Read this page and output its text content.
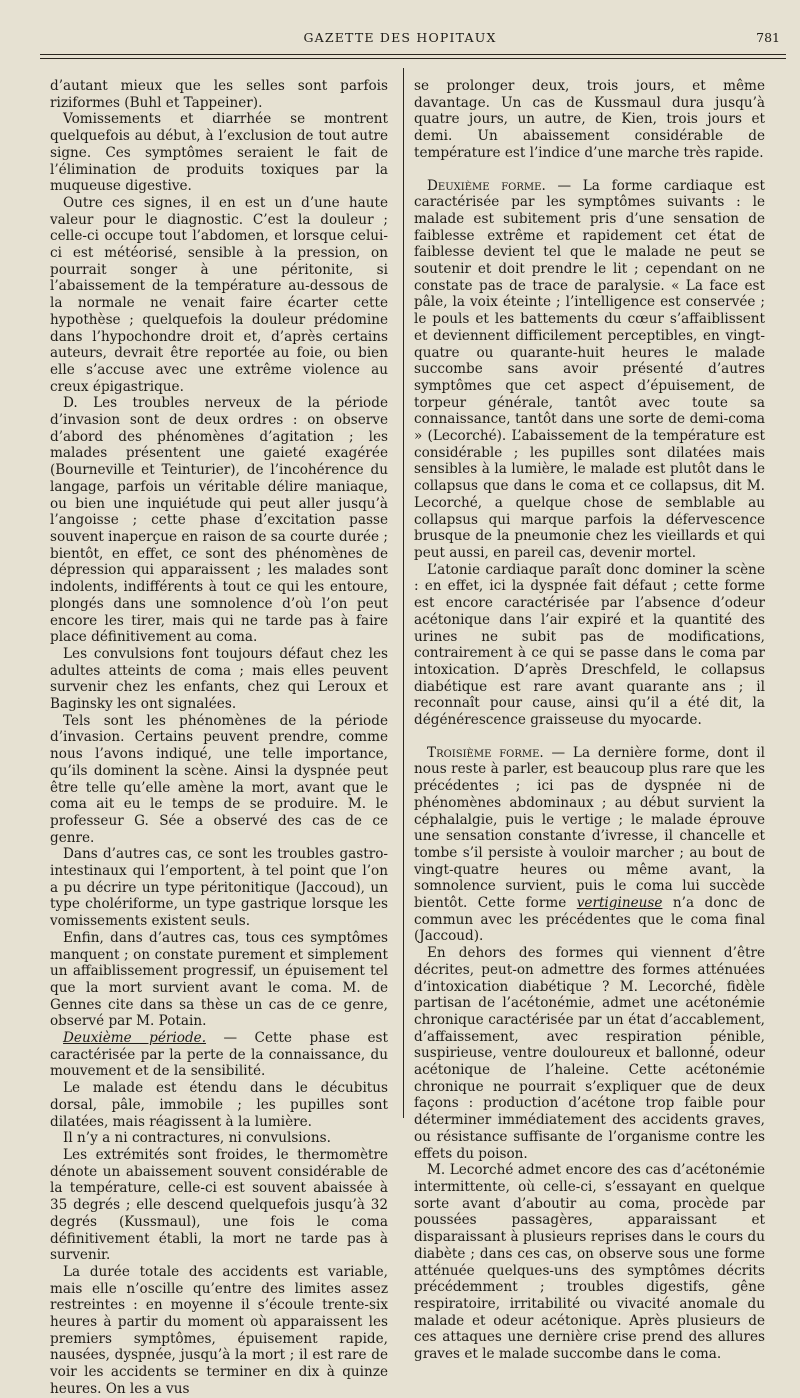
GAZETTE DES HOPITAUX	781

d’autant mieux que les selles sont parfois riziformes (Buhl et Tappeiner).

Vomissements et diarrhée se montrent quelquefois au début, à l’exclusion de tout autre signe. Ces symptômes seraient le fait de l’élimination de produits toxiques par la muqueuse digestive.

Outre ces signes, il en est un d’une haute valeur pour le diagnostic. C’est la douleur ; celle-ci occupe tout l’abdomen, et lorsque celui-ci est météorisé, sensible à la pression, on pourrait songer à une péritonite, si l’abaissement de la température au-dessous de la normale ne venait faire écarter cette hypothèse ; quelquefois la douleur prédomine dans l’hypochondre droit et, d’après certains auteurs, devrait être reportée au foie, ou bien elle s’accuse avec une extrême violence au creux épigastrique.

D. Les troubles nerveux de la période d’invasion sont de deux ordres : on observe d’abord des phénomènes d’agitation ; les malades présentent une gaieté exagérée (Bourneville et Teinturier), de l’incohérence du langage, parfois un véritable délire maniaque, ou bien une inquiétude qui peut aller jusqu’à l’angoisse ; cette phase d’excitation passe souvent inaperçue en raison de sa courte durée ; bientôt, en effet, ce sont des phénomènes de dépression qui apparaissent ; les malades sont indolents, indifférents à tout ce qui les entoure, plongés dans une somnolence d’où l’on peut encore les tirer, mais qui ne tarde pas à faire place définitivement au coma.

Les convulsions font toujours défaut chez les adultes atteints de coma ; mais elles peuvent survenir chez les enfants, chez qui Leroux et Baginsky les ont signalées.

Tels sont les phénomènes de la période d’invasion. Certains peuvent prendre, comme nous l’avons indiqué, une telle importance, qu’ils dominent la scène. Ainsi la dyspnée peut être telle qu’elle amène la mort, avant que le coma ait eu le temps de se produire. M. le professeur G. Sée a observé des cas de ce genre.

Dans d’autres cas, ce sont les troubles gastro-intestinaux qui l’emportent, à tel point que l’on a pu décrire un type péritonitique (Jaccoud), un type cholériforme, un type gastrique lorsque les vomissements existent seuls.

Enfin, dans d’autres cas, tous ces symptômes manquent ; on constate purement et simplement un affaiblissement progressif, un épuisement tel que la mort survient avant le coma. M. de Gennes cite dans sa thèse un cas de ce genre, observé par M. Potain.

Deuxième période. — Cette phase est caractérisée par la perte de la connaissance, du mouvement et de la sensibilité.

Le malade est étendu dans le décubitus dorsal, pâle, immobile ; les pupilles sont dilatées, mais réagissent à la lumière.

Il n’y a ni contractures, ni convulsions.

Les extrémités sont froides, le thermomètre dénote un abaissement souvent considérable de la température, celle-ci est souvent abaissée à 35 degrés ; elle descend quelquefois jusqu’à 32 degrés (Kussmaul), une fois le coma définitivement établi, la mort ne tarde pas à survenir.

La durée totale des accidents est variable, mais elle n’oscille qu’entre des limites assez restreintes : en moyenne il s’écoule trente-six heures à partir du moment où apparaissent les premiers symptômes, épuisement rapide, nausées, dyspnée, jusqu’à la mort ; il est rare de voir les accidents se terminer en dix à quinze heures. On les a vus

se prolonger deux, trois jours, et même davantage. Un cas de Kussmaul dura jusqu’à quatre jours, un autre, de Kien, trois jours et demi. Un abaissement considérable de température est l’indice d’une marche très rapide.

Deuxième forme. — La forme cardiaque est caractérisée par les symptômes suivants : le malade est subitement pris d’une sensation de faiblesse extrême et rapidement cet état de faiblesse devient tel que le malade ne peut se soutenir et doit prendre le lit ; cependant on ne constate pas de trace de paralysie. « La face est pâle, la voix éteinte ; l’intelligence est conservée ; le pouls et les battements du cœur s’affaiblissent et deviennent difficilement perceptibles, en vingt-quatre ou quarante-huit heures le malade succombe sans avoir présenté d’autres symptômes que cet aspect d’épuisement, de torpeur générale, tantôt avec toute sa connaissance, tantôt dans une sorte de demi-coma » (Lecorché). L’abaissement de la température est considérable ; les pupilles sont dilatées mais sensibles à la lumière, le malade est plutôt dans le collapsus que dans le coma et ce collapsus, dit M. Lecorché, a quelque chose de semblable au collapsus qui marque parfois la défervescence brusque de la pneumonie chez les vieillards et qui peut aussi, en pareil cas, devenir mortel.

L’atonie cardiaque paraît donc dominer la scène : en effet, ici la dyspnée fait défaut ; cette forme est encore caractérisée par l’absence d’odeur acétonique dans l’air expiré et la quantité des urines ne subit pas de modifications, contrairement à ce qui se passe dans le coma par intoxication. D’après Dreschfeld, le collapsus diabétique est rare avant quarante ans ; il reconnaît pour cause, ainsi qu’il a été dit, la dégénérescence graisseuse du myocarde.

Troisième forme. — La dernière forme, dont il nous reste à parler, est beaucoup plus rare que les précédentes ; ici pas de dyspnée ni de phénomènes abdominaux ; au début survient la céphalalgie, puis le vertige ; le malade éprouve une sensation constante d’ivresse, il chancelle et tombe s’il persiste à vouloir marcher ; au bout de vingt-quatre heures ou même avant, la somnolence survient, puis le coma lui succède bientôt. Cette forme vertigineuse n’a donc de commun avec les précédentes que le coma final (Jaccoud).

En dehors des formes qui viennent d’être décrites, peut-on admettre des formes atténuées d’intoxication diabétique ? M. Lecorché, fidèle partisan de l’acétonémie, admet une acétonémie chronique caractérisée par un état d’accablement, d’affaissement, avec respiration pénible, suspirieuse, ventre douloureux et ballonné, odeur acétonique de l’haleine. Cette acétonémie chronique ne pourrait s’expliquer que de deux façons : production d’acétone trop faible pour déterminer immédiatement des accidents graves, ou résistance suffisante de l’organisme contre les effets du poison.

M. Lecorché admet encore des cas d’acétonémie intermittente, où celle-ci, s’essayant en quelque sorte avant d’aboutir au coma, procède par poussées passagères, apparaissant et disparaissant à plusieurs reprises dans le cours du diabète ; dans ces cas, on observe sous une forme atténuée quelques-uns des symptômes décrits précédemment ; troubles digestifs, gêne respiratoire, irritabilité ou vivacité anomale du malade et odeur acétonique. Après plusieurs de ces attaques une dernière crise prend des allures graves et le malade succombe dans le coma.
